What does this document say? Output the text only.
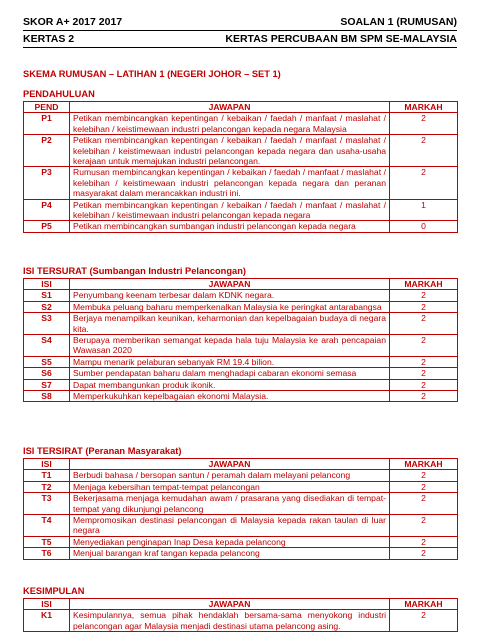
SKOR A+ 2017 2017	SOALAN 1 (RUMUSAN)
KERTAS 2	KERTAS PERCUBAAN BM SPM SE-MALAYSIA
SKEMA RUMUSAN – LATIHAN 1 (NEGERI JOHOR – SET 1)
PENDAHULUAN
PEND	JAWAPAN	MARKAH
P1	Petikan membincangkan kepentingan / kebaikan / faedah / manfaat / maslahat / kelebihan / keistimewaan industri pelancongan kepada negara Malaysia	2
P2	Petikan membincangkan kepentingan / kebaikan / faedah / manfaat / maslahat / kelebihan / keistimewaan industri pelancongan kepada negara dan usaha-usaha kerajaan untuk memajukan industri pelancongan.	2
P3	Rumusan membincangkan kepentingan / kebaikan / faedah / manfaat / maslahat / kelebihan / keistimewaan industri pelancongan kepada negara dan peranan masyarakat dalam merancakkan industri ini.	2
P4	Petikan membincangkan kepentingan / kebaikan / faedah / manfaat / maslahat / kelebihan / keistimewaan industri pelancongan kepada negara	1
P5	Petikan membincangkan sumbangan industri pelancongan kepada negara	0
ISI TERSURAT (Sumbangan Industri Pelancongan)
ISI	JAWAPAN	MARKAH
S1	Penyumbang keenam terbesar dalam KDNK negara.	2
S2	Membuka peluang baharu memperkenalkan Malaysia ke peringkat antarabangsa	2
S3	Berjaya menampilkan keunikan, keharmonian dan kepelbagaian budaya di negara kita.	2
S4	Berupaya memberikan semangat kepada hala tuju Malaysia ke arah pencapaian Wawasan 2020	2
S5	Mampu menarik pelaburan sebanyak RM 19.4 bilion.	2
S6	Sumber pendapatan baharu dalam menghadapi cabaran ekonomi semasa	2
S7	Dapat membangunkan produk ikonik.	2
S8	Memperkukuhkan kepelbagaian ekonomi Malaysia.	2
ISI TERSIRAT (Peranan Masyarakat)
ISI	JAWAPAN	MARKAH
T1	Berbudi bahasa / bersopan santun / peramah dalam melayani pelancong	2
T2	Menjaga kebersihan tempat-tempat pelancongan	2
T3	Bekerjasama menjaga kemudahan awam / prasarana yang disediakan di tempat-tempat yang dikunjungi pelancong	2
T4	Mempromosikan destinasi pelancongan di Malaysia kepada rakan taulan di luar negara	2
T5	Menyediakan penginapan Inap Desa kepada pelancong	2
T6	Menjual barangan kraf tangan kepada pelancong	2
KESIMPULAN
ISI	JAWAPAN	MARKAH
K1	Kesimpulannya, semua pihak hendaklah bersama-sama menyokong industri pelancongan agar Malaysia menjadi destinasi utama pelancong asing.	2
